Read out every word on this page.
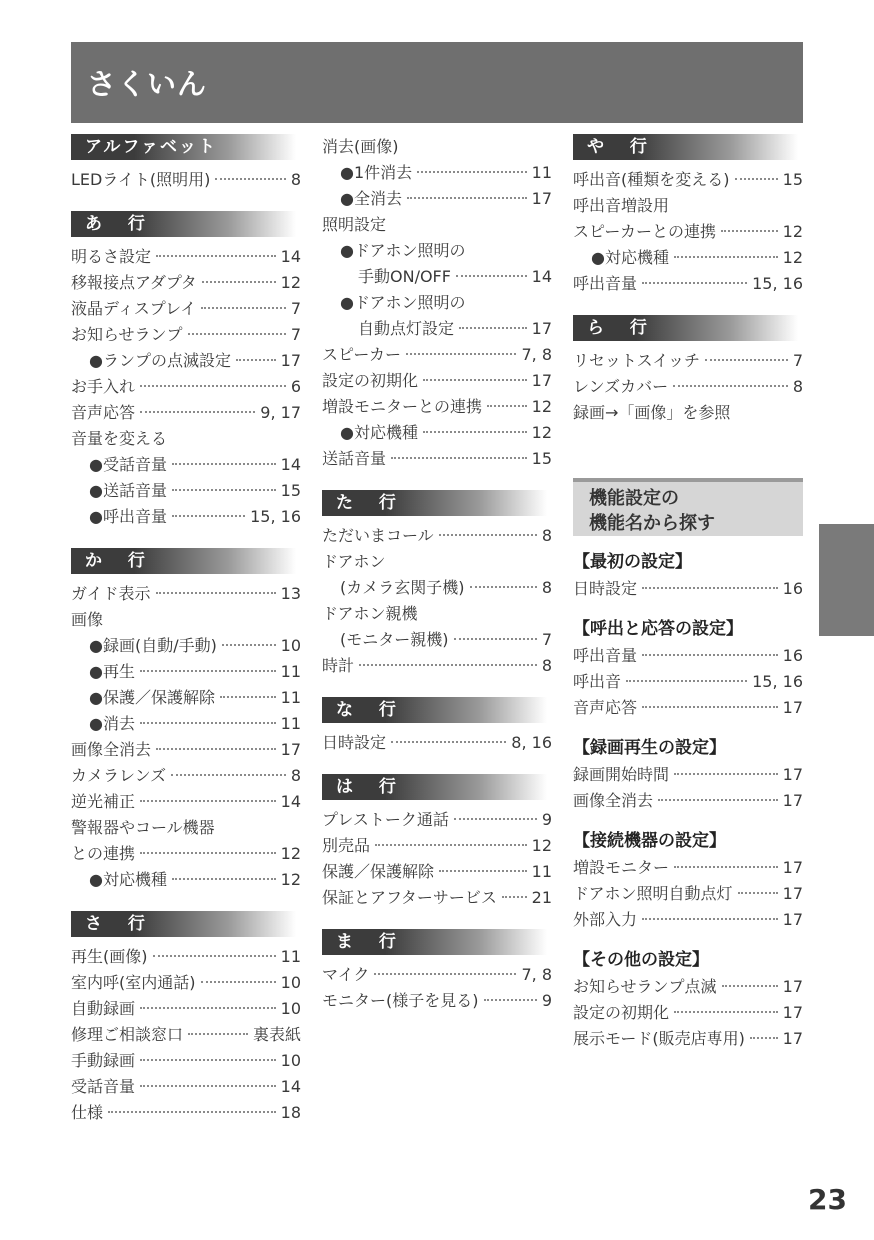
さくいん
アルファベット
LEDライト(照明用)	8
あ 行
明るさ設定	14
移報接点アダプタ	12
液晶ディスプレイ	7
お知らせランプ	7
●ランプの点滅設定	17
お手入れ	6
音声応答	9, 17
音量を変える
●受話音量	14
●送話音量	15
●呼出音量	15, 16
か 行
ガイド表示	13
画像
●録画(自動/手動)	10
●再生	11
●保護／保護解除	11
●消去	11
画像全消去	17
カメラレンズ	8
逆光補正	14
警報器やコール機器
との連携	12
●対応機種	12
さ 行
再生(画像)	11
室内呼(室内通話)	10
自動録画	10
修理ご相談窓口	裏表紙
手動録画	10
受話音量	14
仕様	18
消去(画像)
●1件消去	11
●全消去	17
照明設定
●ドアホン照明の
手動ON/OFF	14
●ドアホン照明の
自動点灯設定	17
スピーカー	7, 8
設定の初期化	17
増設モニターとの連携	12
●対応機種	12
送話音量	15
た 行
ただいまコール	8
ドアホン
(カメラ玄関子機)	8
ドアホン親機
(モニター親機)	7
時計	8
な 行
日時設定	8, 16
は 行
プレストーク通話	9
別売品	12
保護／保護解除	11
保証とアフターサービス 21
ま 行
マイク	7, 8
モニター(様子を見る)	9
や 行
呼出音(種類を変える)	15
呼出音増設用
スピーカーとの連携	12
●対応機種	12
呼出音量	15, 16
ら 行
リセットスイッチ	7
レンズカバー	8
録画→「画像」を参照
機能設定の
機能名から探す
【最初の設定】
日時設定	16
【呼出と応答の設定】
呼出音量	16
呼出音	15, 16
音声応答	17
【録画再生の設定】
録画開始時間	17
画像全消去	17
【接続機器の設定】
増設モニター	17
ドアホン照明自動点灯	17
外部入力	17
【その他の設定】
お知らせランプ点滅	17
設定の初期化	17
展示モード(販売店専用) 17
23
